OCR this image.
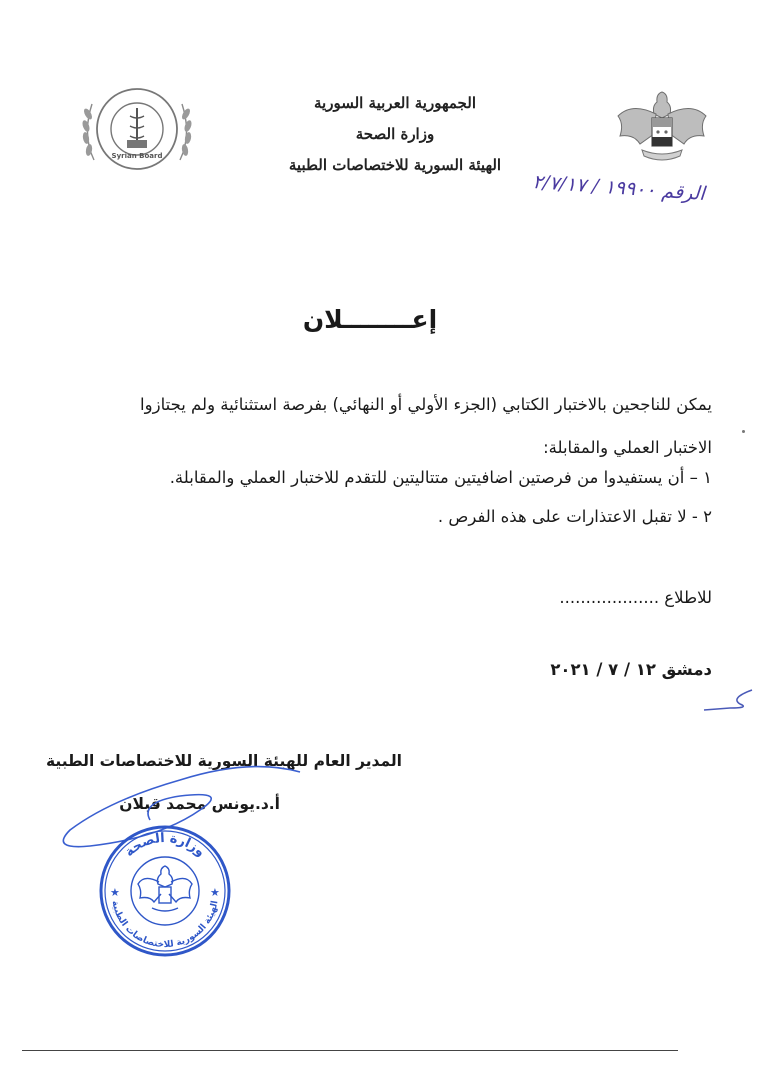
Syrian Board
الجمهورية العربية السورية
وزارة الصحة
الهيئة السورية للاختصاصات الطبية
الرقم ١٩٩٠٠ / ٢/٧/١٧
إعــــــــلان

يمكن للناجحين بالاختبار الكتابي (الجزء الأولي أو النهائي) بفرصة استثنائية ولم يجتازوا

الاختبار العملي والمقابلة:

١ – أن يستفيدوا من فرصتين اضافيتين متتاليتين للتقدم للاختبار العملي والمقابلة.
٢ - لا تقبل الاعتذارات على هذه الفرص .
للاطلاع ...................
دمشق ١٢ / ٧ / ٢٠٢١
المدير العام للهيئة السورية للاختصاصات الطبية
أ.د.يونس محمد قبلان
وزارة الصحة
الهيئة السورية للاختصاصات الطبية
★	★
